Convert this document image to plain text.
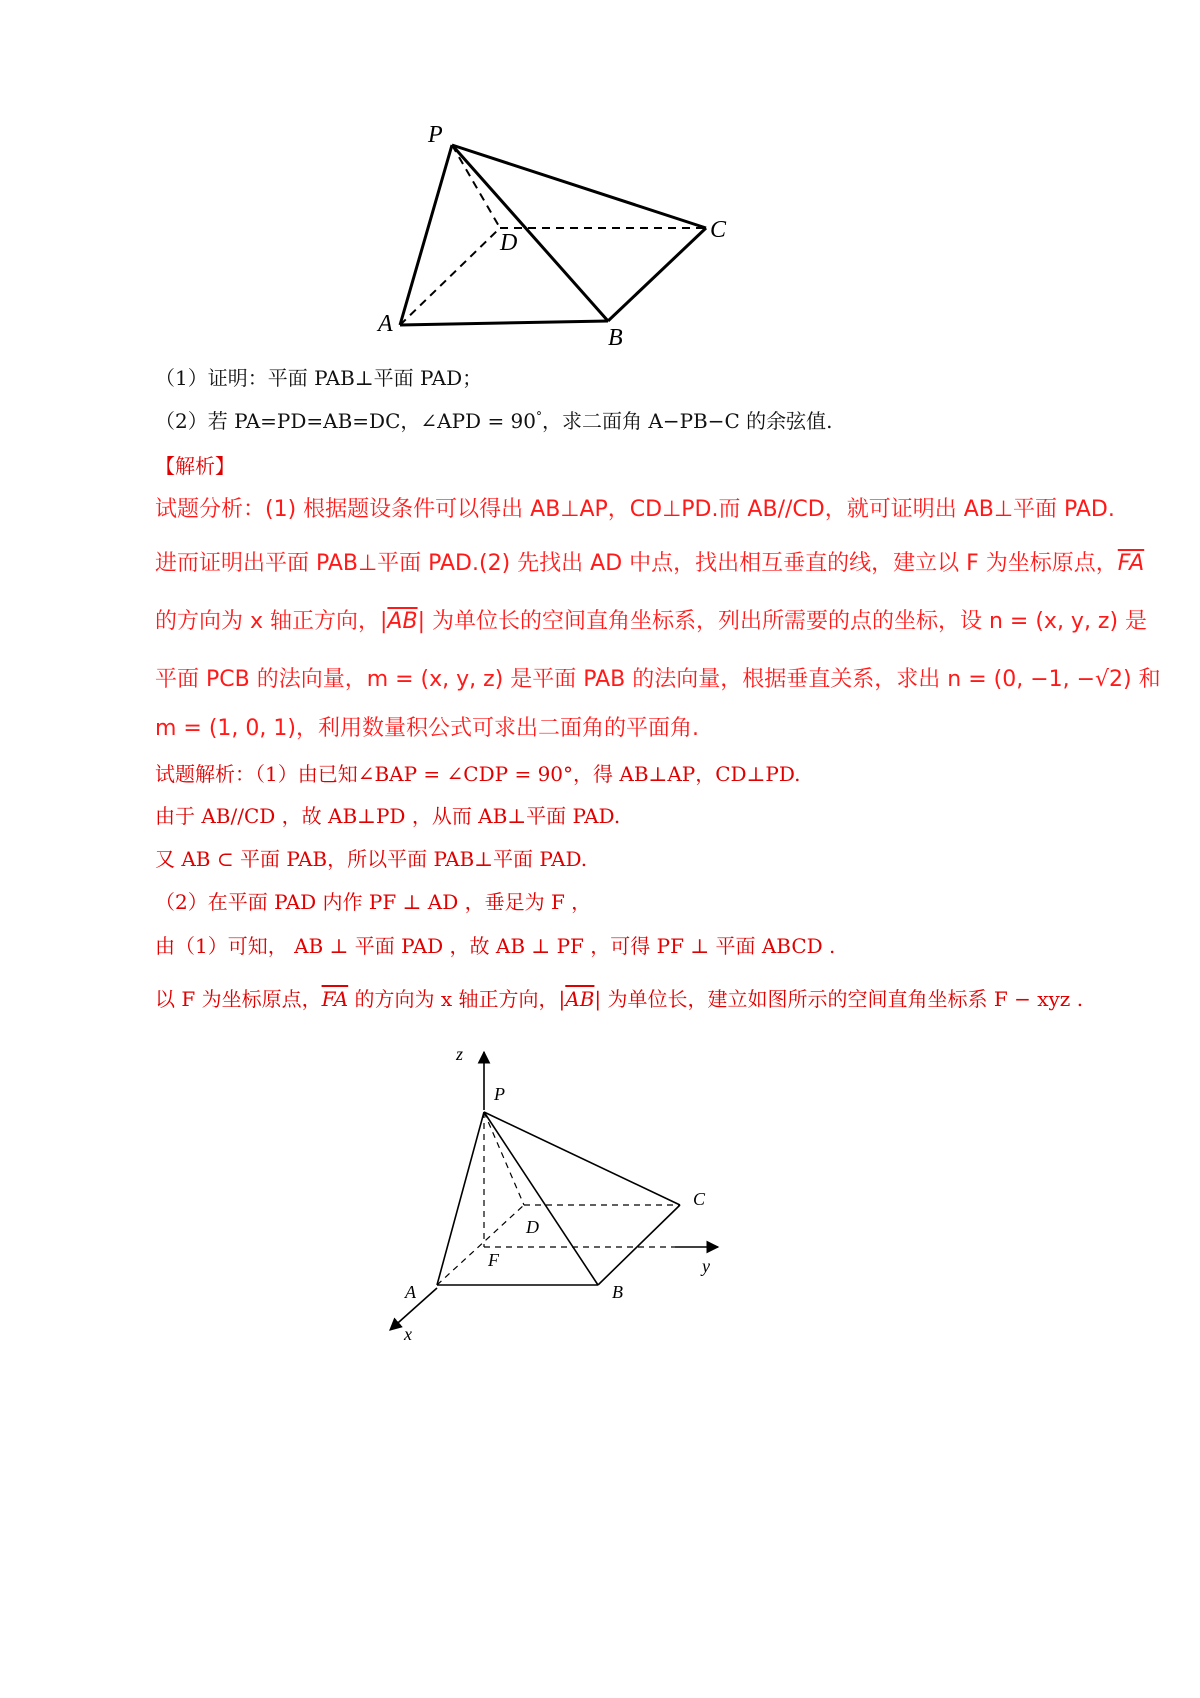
P
A
B
C
D
（1）证明：平面 PAB⊥平面 PAD；
（2）若 PA=PD=AB=DC，∠APD = 90°，求二面角 A−PB−C 的余弦值.
【解析】
试题分析：(1) 根据题设条件可以得出 AB⊥AP，CD⊥PD.而 AB//CD，就可证明出 AB⊥平面 PAD.
进而证明出平面 PAB⊥平面 PAD.(2) 先找出 AD 中点，找出相互垂直的线，建立以 F 为坐标原点，$\overline{FA}$
的方向为 x 轴正方向，$|\overline{AB}|$ 为单位长的空间直角坐标系，列出所需要的点的坐标，设 n = (x, y, z) 是
平面 PCB 的法向量，m = (x, y, z) 是平面 PAB 的法向量，根据垂直关系，求出 n = (0, −1, −√2) 和
m = (1, 0, 1)，利用数量积公式可求出二面角的平面角.
试题解析：（1）由已知∠BAP = ∠CDP = 90°，得 AB⊥AP，CD⊥PD.
由于 AB//CD ，故 AB⊥PD ，从而 AB⊥平面 PAD.
又 AB ⊂ 平面 PAB，所以平面 PAB⊥平面 PAD.
（2）在平面 PAD 内作 PF ⊥ AD ，垂足为 F ，
由（1）可知， AB ⊥ 平面 PAD ，故 AB ⊥ PF ，可得 PF ⊥ 平面 ABCD .
以 F 为坐标原点，$\overline{FA}$ 的方向为 x 轴正方向，$|\overline{AB}|$ 为单位长，建立如图所示的空间直角坐标系 F − xyz .
z
P
C
D
F	y
A	B
x
